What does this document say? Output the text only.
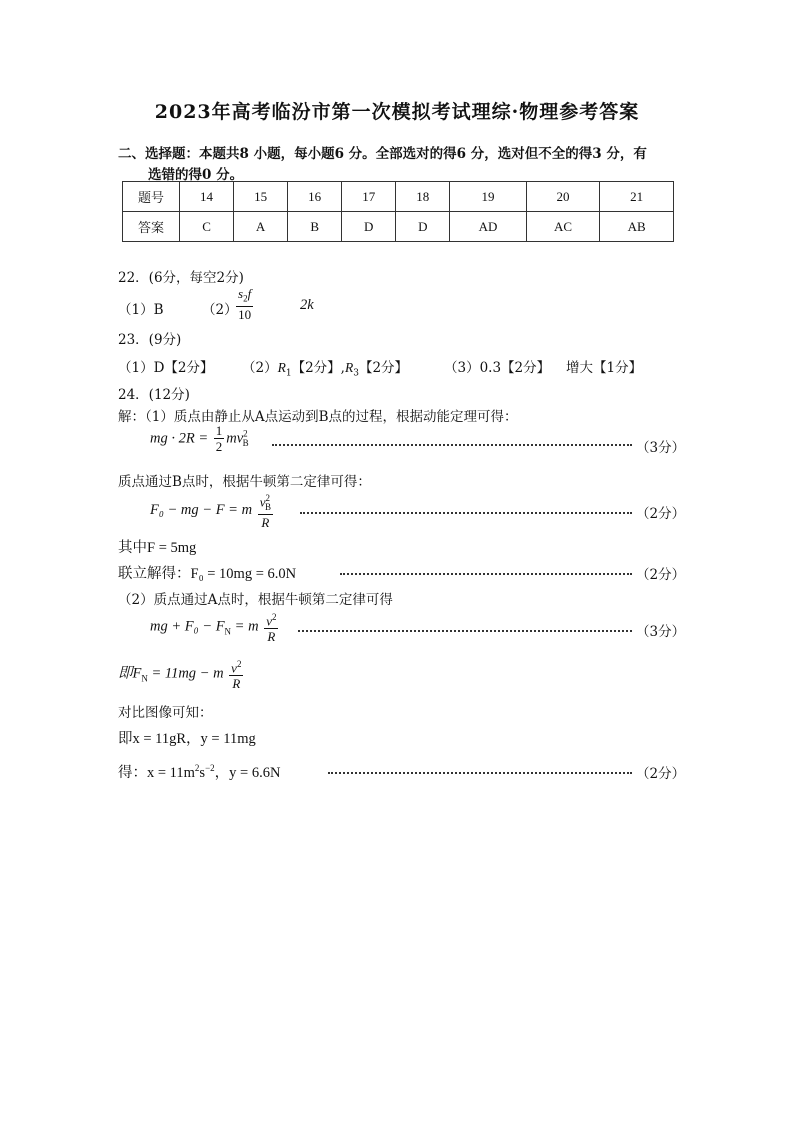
2023年高考临汾市第一次模拟考试理综·物理参考答案
二、选择题：本题共8 小题，每小题6 分。全部选对的得6 分，选对但不全的得3 分，有
选错的得0 分。
题号	14	15	16	17	18	19	20	21
答案	C	A	B	D	D	AD	AC	AB
22．(6分，每空2分)
（1）B	（2）
$\frac{s_2f}{10}$	2k
23．(9分)
（1）D【2分】 $(2)R_1$【2分】$,R_3$【2分】	（3）0.3【2分】 增大【1分】
24．(12分)
解：（1）质点由静止从A点运动到B点的过程，根据动能定理可得：
mg · $2R = \frac{1}{2} mv^2_B$	（3分）
质点通过B点时，根据牛顿第二定律可得：
F₀ − mg − F = m $\frac{v^2_B}{R}$	（2分）
其中F = 5mg
联立解得：F₀ = 10mg = 6.0N	（2分）
（2）质点通过A点时，根据牛顿第二定律可得
mg + $F_0 - F_N = m \frac{v^2}{R}$	（3分）
即$F_N = 11mg - m \frac{v^2}{R}$
对比图像可知：
即x = 11gR，y = 11mg
得：$x = 11m^2s^{-2}$，y = 6.6N	（2分）
